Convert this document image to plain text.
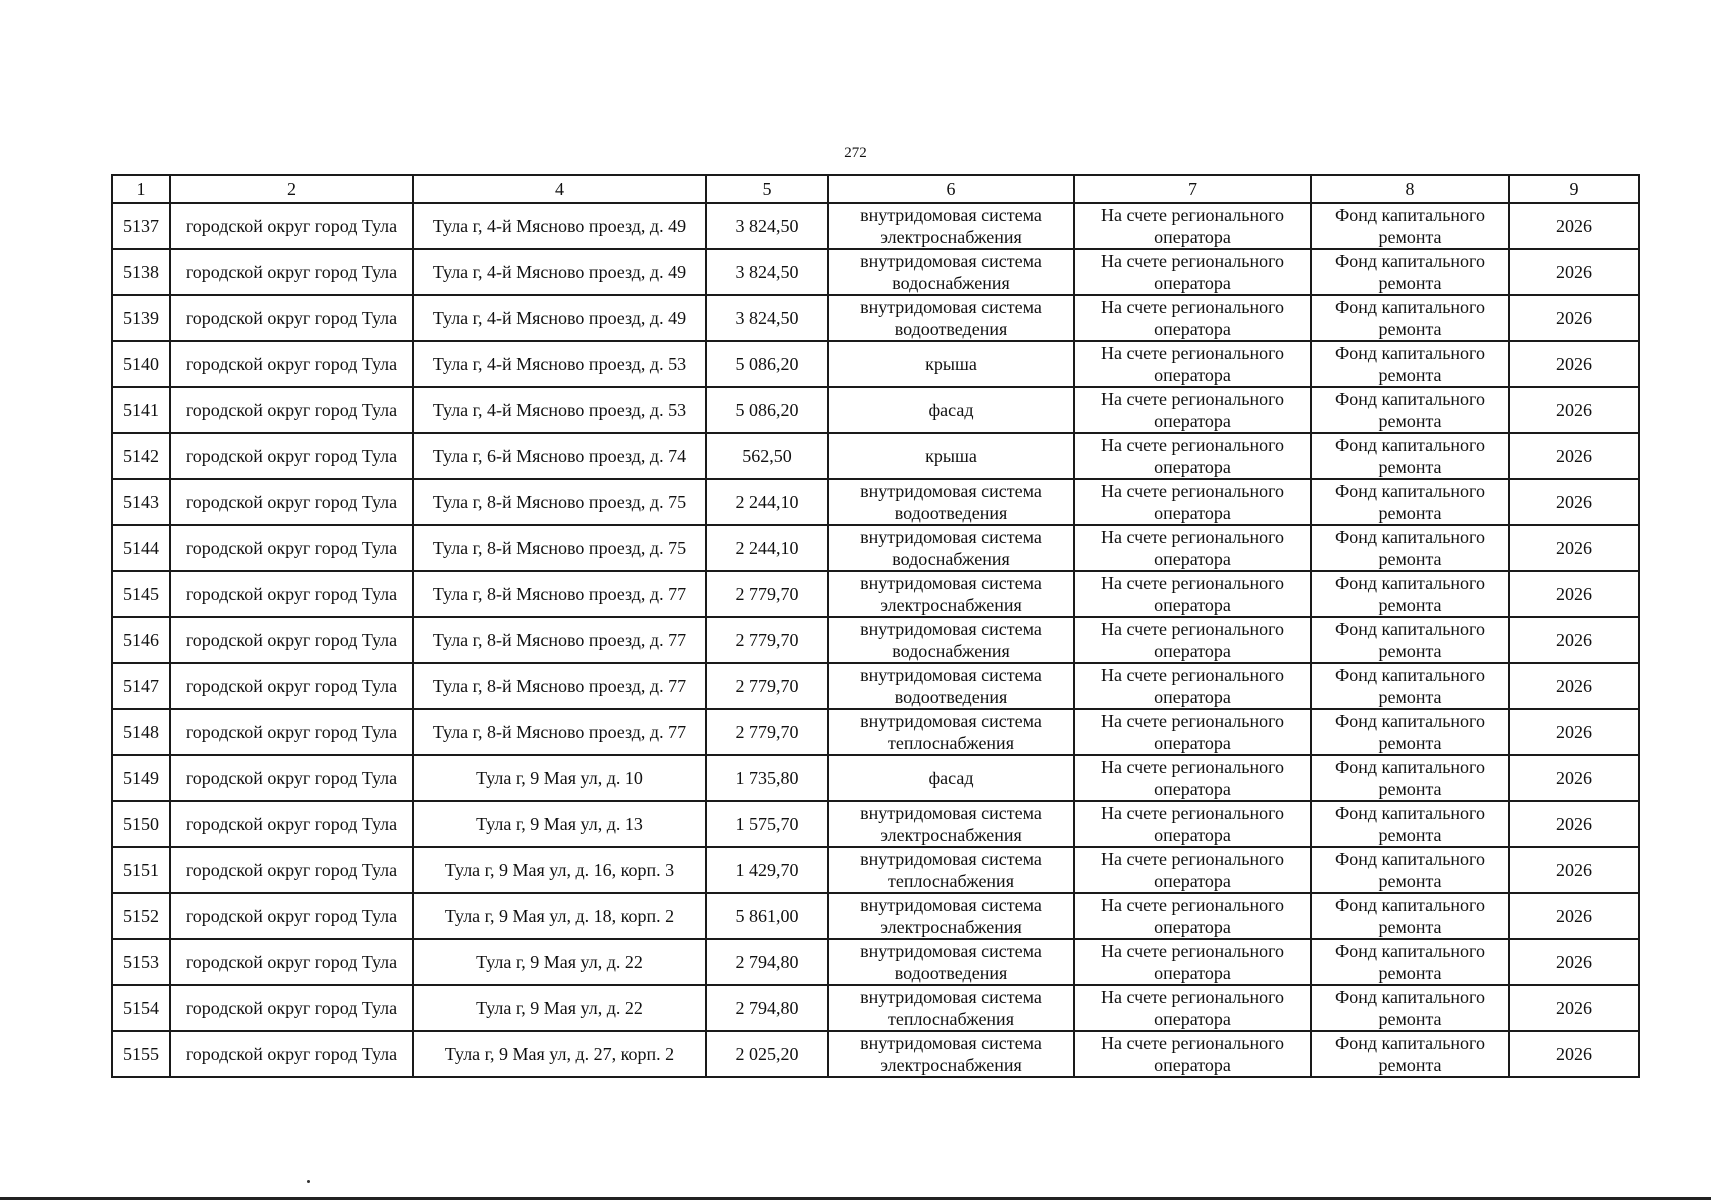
272
1	2	4	5	6	7	8	9
5137	городской округ город Тула	Тула г, 4-й Мясново проезд, д. 49	3 824,50	внутридомовая система электроснабжения	На счете регионального оператора	Фонд капитального ремонта	2026
5138	городской округ город Тула	Тула г, 4-й Мясново проезд, д. 49	3 824,50	внутридомовая система водоснабжения	На счете регионального оператора	Фонд капитального ремонта	2026
5139	городской округ город Тула	Тула г, 4-й Мясново проезд, д. 49	3 824,50	внутридомовая система водоотведения	На счете регионального оператора	Фонд капитального ремонта	2026
5140	городской округ город Тула	Тула г, 4-й Мясново проезд, д. 53	5 086,20	крыша	На счете регионального оператора	Фонд капитального ремонта	2026
5141	городской округ город Тула	Тула г, 4-й Мясново проезд, д. 53	5 086,20	фасад	На счете регионального оператора	Фонд капитального ремонта	2026
5142	городской округ город Тула	Тула г, 6-й Мясново проезд, д. 74	562,50	крыша	На счете регионального оператора	Фонд капитального ремонта	2026
5143	городской округ город Тула	Тула г, 8-й Мясново проезд, д. 75	2 244,10	внутридомовая система водоотведения	На счете регионального оператора	Фонд капитального ремонта	2026
5144	городской округ город Тула	Тула г, 8-й Мясново проезд, д. 75	2 244,10	внутридомовая система водоснабжения	На счете регионального оператора	Фонд капитального ремонта	2026
5145	городской округ город Тула	Тула г, 8-й Мясново проезд, д. 77	2 779,70	внутридомовая система электроснабжения	На счете регионального оператора	Фонд капитального ремонта	2026
5146	городской округ город Тула	Тула г, 8-й Мясново проезд, д. 77	2 779,70	внутридомовая система водоснабжения	На счете регионального оператора	Фонд капитального ремонта	2026
5147	городской округ город Тула	Тула г, 8-й Мясново проезд, д. 77	2 779,70	внутридомовая система водоотведения	На счете регионального оператора	Фонд капитального ремонта	2026
5148	городской округ город Тула	Тула г, 8-й Мясново проезд, д. 77	2 779,70	внутридомовая система теплоснабжения	На счете регионального оператора	Фонд капитального ремонта	2026
5149	городской округ город Тула	Тула г, 9 Мая ул, д. 10	1 735,80	фасад	На счете регионального оператора	Фонд капитального ремонта	2026
5150	городской округ город Тула	Тула г, 9 Мая ул, д. 13	1 575,70	внутридомовая система электроснабжения	На счете регионального оператора	Фонд капитального ремонта	2026
5151	городской округ город Тула	Тула г, 9 Мая ул, д. 16, корп. 3	1 429,70	внутридомовая система теплоснабжения	На счете регионального оператора	Фонд капитального ремонта	2026
5152	городской округ город Тула	Тула г, 9 Мая ул, д. 18, корп. 2	5 861,00	внутридомовая система электроснабжения	На счете регионального оператора	Фонд капитального ремонта	2026
5153	городской округ город Тула	Тула г, 9 Мая ул, д. 22	2 794,80	внутридомовая система водоотведения	На счете регионального оператора	Фонд капитального ремонта	2026
5154	городской округ город Тула	Тула г, 9 Мая ул, д. 22	2 794,80	внутридомовая система теплоснабжения	На счете регионального оператора	Фонд капитального ремонта	2026
5155	городской округ город Тула	Тула г, 9 Мая ул, д. 27, корп. 2	2 025,20	внутридомовая система электроснабжения	На счете регионального оператора	Фонд капитального ремонта	2026
